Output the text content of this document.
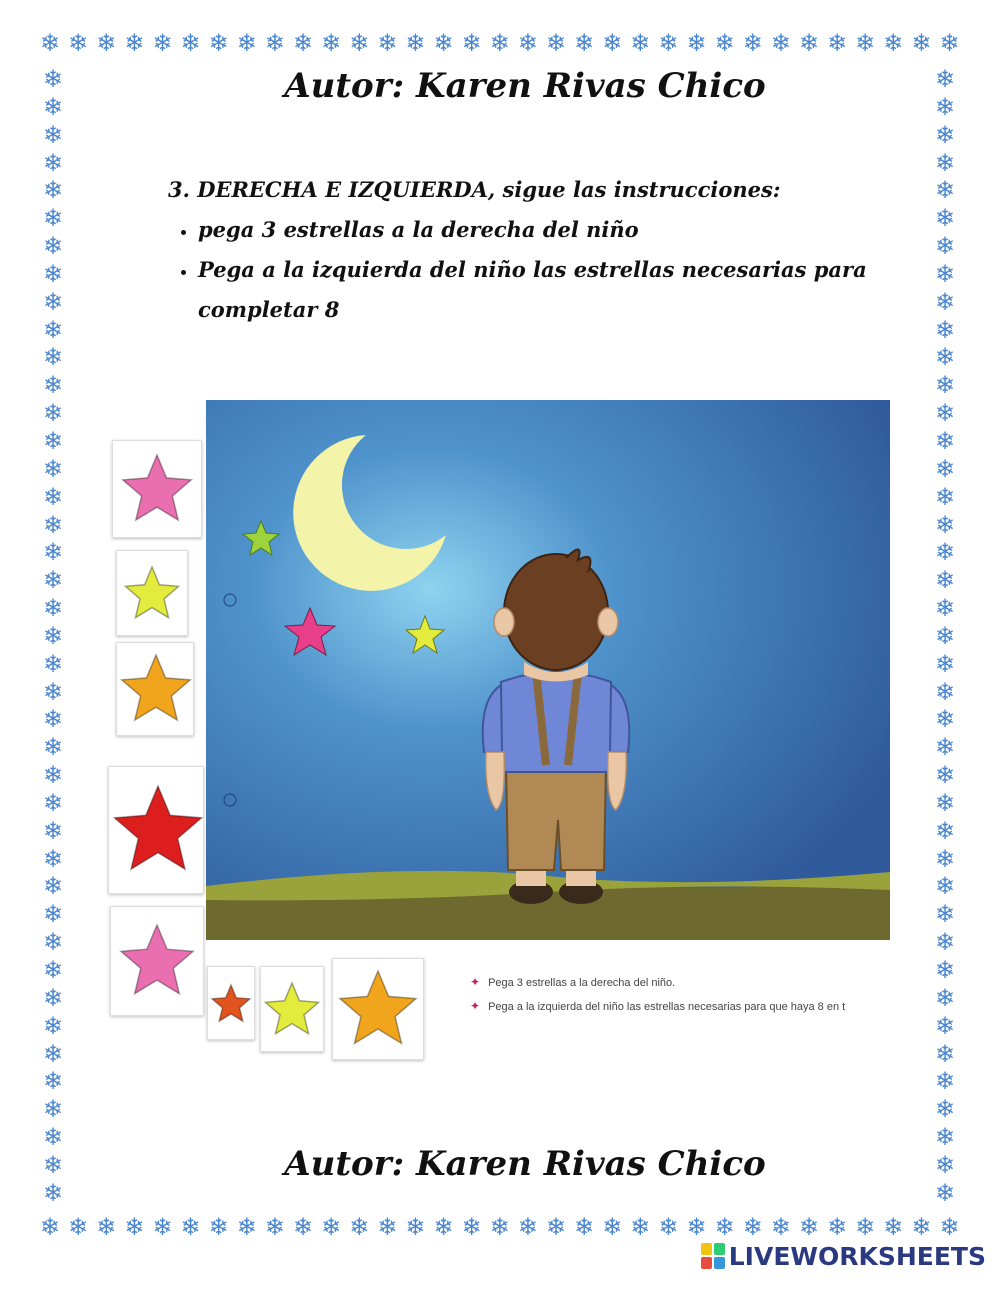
❄ ❄ ❄ ❄ ❄ ❄ ❄ ❄ ❄ ❄ ❄ ❄ ❄ ❄ ❄ ❄ ❄ ❄ ❄ ❄ ❄ ❄ ❄ ❄ ❄ ❄ ❄ ❄ ❄ ❄ ❄ ❄ ❄
❄ ❄ ❄ ❄ ❄ ❄ ❄ ❄ ❄ ❄ ❄ ❄ ❄ ❄ ❄ ❄ ❄ ❄ ❄ ❄ ❄ ❄ ❄ ❄ ❄ ❄ ❄ ❄ ❄ ❄ ❄ ❄ ❄
❄
❄
❄
❄
❄
❄
❄
❄
❄
❄
❄
❄
❄
❄
❄
❄
❄
❄
❄
❄
❄
❄
❄
❄
❄
❄
❄
❄
❄
❄
❄
❄
❄
❄
❄
❄
❄
❄
❄
❄
❄
❄
❄
❄
❄
❄
❄
❄
❄
❄
❄
❄
❄
❄
❄
❄
❄
❄
❄
❄
❄
❄
❄
❄
❄
❄
❄
❄
❄
❄
❄
❄
❄
❄
❄
❄
❄
❄
❄
❄
❄
❄
Autor: Karen Rivas Chico
3. DERECHA E IZQUIERDA, sigue las instrucciones:
• pega 3 estrellas a la derecha del niño
• Pega a la izquierda del niño las estrellas necesarias para completar 8
✦ Pega 3 estrellas a la derecha del niño.
✦ Pega a la izquierda del niño las estrellas necesarias para que haya 8 en t
Autor: Karen Rivas Chico
LIVEWORKSHEETS
